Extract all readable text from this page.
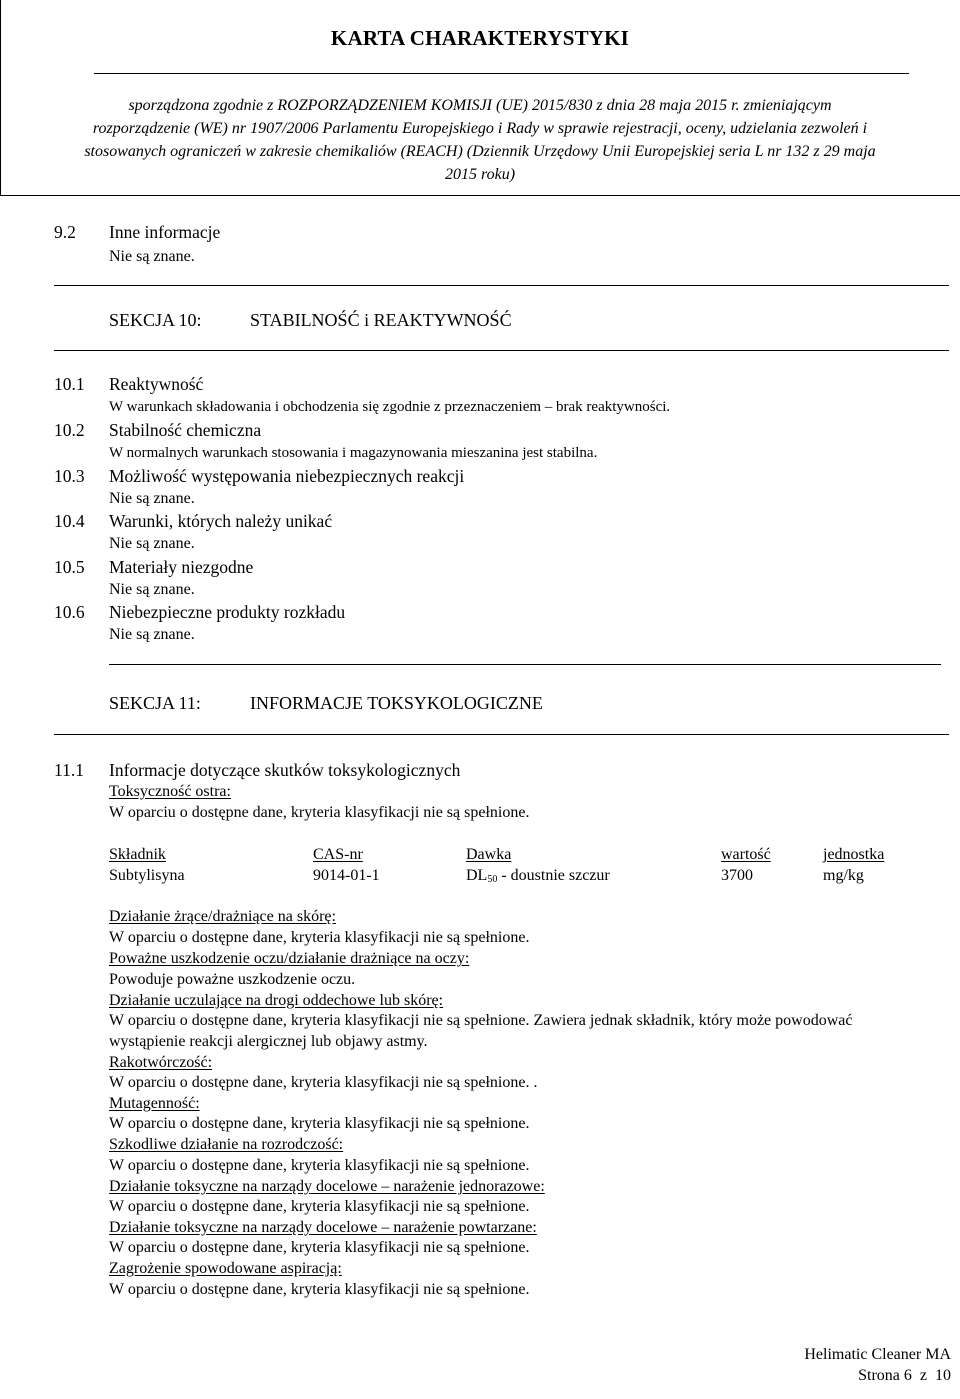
KARTA CHARAKTERYSTYKI
sporządzona zgodnie z ROZPORZĄDZENIEM KOMISJI (UE) 2015/830 z dnia 28 maja 2015 r. zmieniającym
rozporządzenie (WE) nr 1907/2006 Parlamentu Europejskiego i Rady w sprawie rejestracji, oceny, udzielania zezwoleń i
stosowanych ograniczeń w zakresie chemikaliów (REACH) (Dziennik Urzędowy Unii Europejskiej seria L nr 132 z 29 maja
2015 roku)
9.2 Inne informacje
Nie są znane.
SEKCJA 10:	STABILNOŚĆ i REAKTYWNOŚĆ
10.1 Reaktywność
W warunkach składowania i obchodzenia się zgodnie z przeznaczeniem – brak reaktywności.
10.2 Stabilność chemiczna
W normalnych warunkach stosowania i magazynowania mieszanina jest stabilna.
10.3 Możliwość występowania niebezpiecznych reakcji
Nie są znane.
10.4 Warunki, których należy unikać
Nie są znane.
10.5 Materiały niezgodne
Nie są znane.
10.6 Niebezpieczne produkty rozkładu
Nie są znane.
SEKCJA 11:	INFORMACJE TOKSYKOLOGICZNE
11.1 Informacje dotyczące skutków toksykologicznych
Toksyczność ostra:
W oparciu o dostępne dane, kryteria klasyfikacji nie są spełnione.
Składnik	CAS-nr	Dawka	wartość	jednostka
Subtylisyna	9014-01-1	$DL_{50}$ - doustnie szczur	3700	mg/kg
Działanie żrące/drażniące na skórę:
W oparciu o dostępne dane, kryteria klasyfikacji nie są spełnione.
Poważne uszkodzenie oczu/działanie drażniące na oczy:
Powoduje poważne uszkodzenie oczu.
Działanie uczulające na drogi oddechowe lub skórę:
W oparciu o dostępne dane, kryteria klasyfikacji nie są spełnione. Zawiera jednak składnik, który może powodować
wystąpienie reakcji alergicznej lub objawy astmy.
Rakotwórczość:
W oparciu o dostępne dane, kryteria klasyfikacji nie są spełnione. .
Mutagenność:
W oparciu o dostępne dane, kryteria klasyfikacji nie są spełnione.
Szkodliwe działanie na rozrodczość:
W oparciu o dostępne dane, kryteria klasyfikacji nie są spełnione.
Działanie toksyczne na narządy docelowe – narażenie jednorazowe:
W oparciu o dostępne dane, kryteria klasyfikacji nie są spełnione.
Działanie toksyczne na narządy docelowe – narażenie powtarzane:
W oparciu o dostępne dane, kryteria klasyfikacji nie są spełnione.
Zagrożenie spowodowane aspiracją:
W oparciu o dostępne dane, kryteria klasyfikacji nie są spełnione.
Helimatic Cleaner MA
Strona 6  z  10
